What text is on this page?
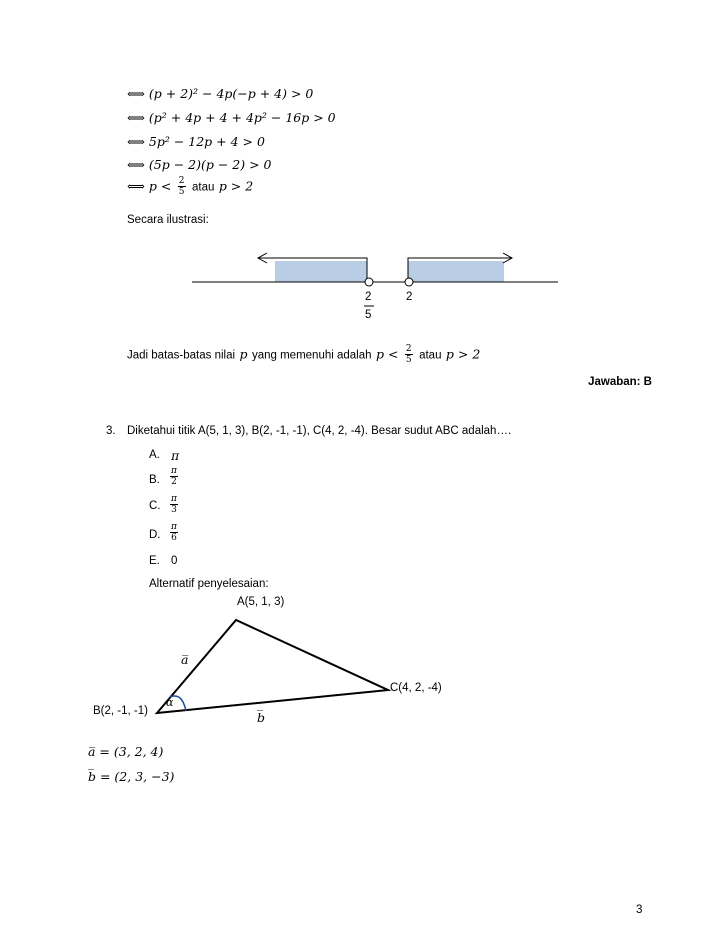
⟺ (p + 2)² − 4p(−p + 4) > 0
⟺ (p² + 4p + 4 + 4p² − 16p > 0
⟺ 5p² − 12p + 4 > 0
⟺ (5p − 2)(p − 2) > 0
⟺ $p < \frac{2}{5}$ atau p > 2
Secara ilustrasi:
2
5
2
Jadi batas-batas nilai p yang memenuhi adalah $p < \frac{2}{5}$ atau p > 2
Jawaban: B
3. Diketahui titik A(5, 1, 3), B(2, -1, -1), C(4, 2, -4). Besar sudut ABC adalah….
A. π
B. $\frac{\pi}{2}$
C. $\frac{\pi}{3}$
D. $\frac{\pi}{6}$
E. 0
Alternatif penyelesaian:
A(5, 1, 3)
B(2, -1, -1)
C(4, 2, -4)
a̅
b̅
α
a̅ = (3, 2, 4)
b̅ = (2, 3, −3)
3
